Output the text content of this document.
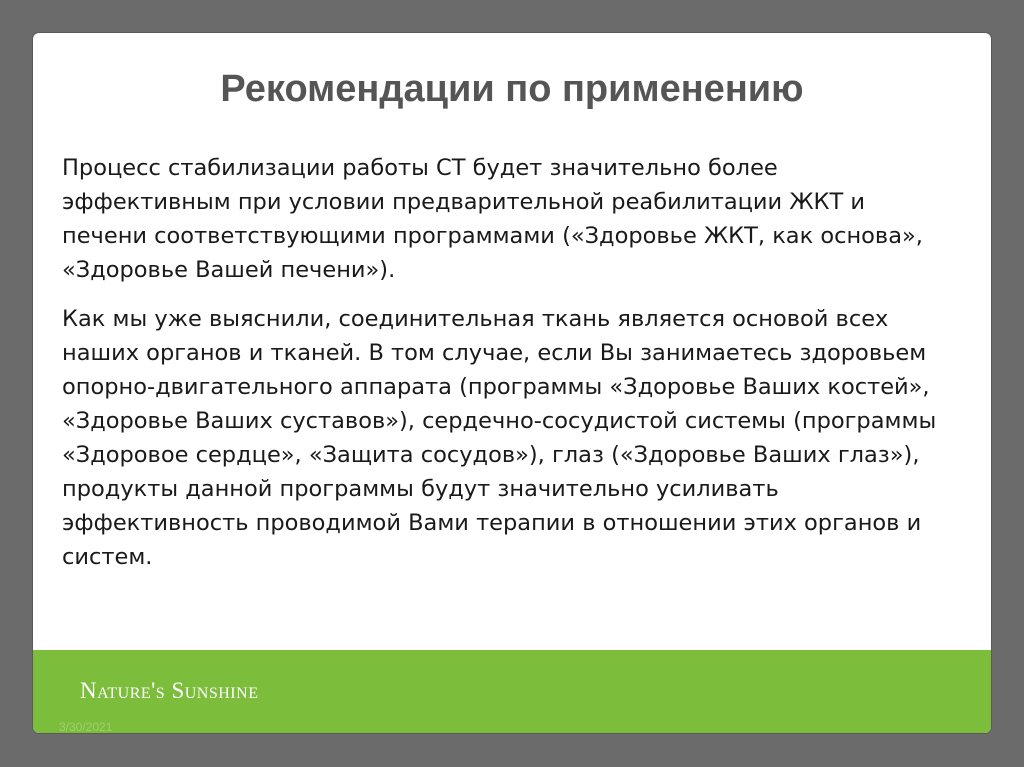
Рекомендации по применению

Процесс стабилизации работы СТ будет значительно более эффективным при условии предварительной реабилитации ЖКТ и печени соответствующими программами («Здоровье ЖКТ, как основа», «Здоровье Вашей печени»).

Как мы уже выяснили, соединительная ткань является основой всех наших органов и тканей. В том случае, если Вы занимаетесь здоровьем опорно-двигательного аппарата (программы «Здоровье Ваших костей», «Здоровье Ваших суставов»), сердечно-сосудистой системы (программы «Здоровое сердце», «Защита сосудов»), глаз («Здоровье Ваших глаз»), продукты данной программы будут значительно усиливать эффективность проводимой Вами терапии в отношении этих органов и систем.

Nature's Sunshine
3/30/2021
